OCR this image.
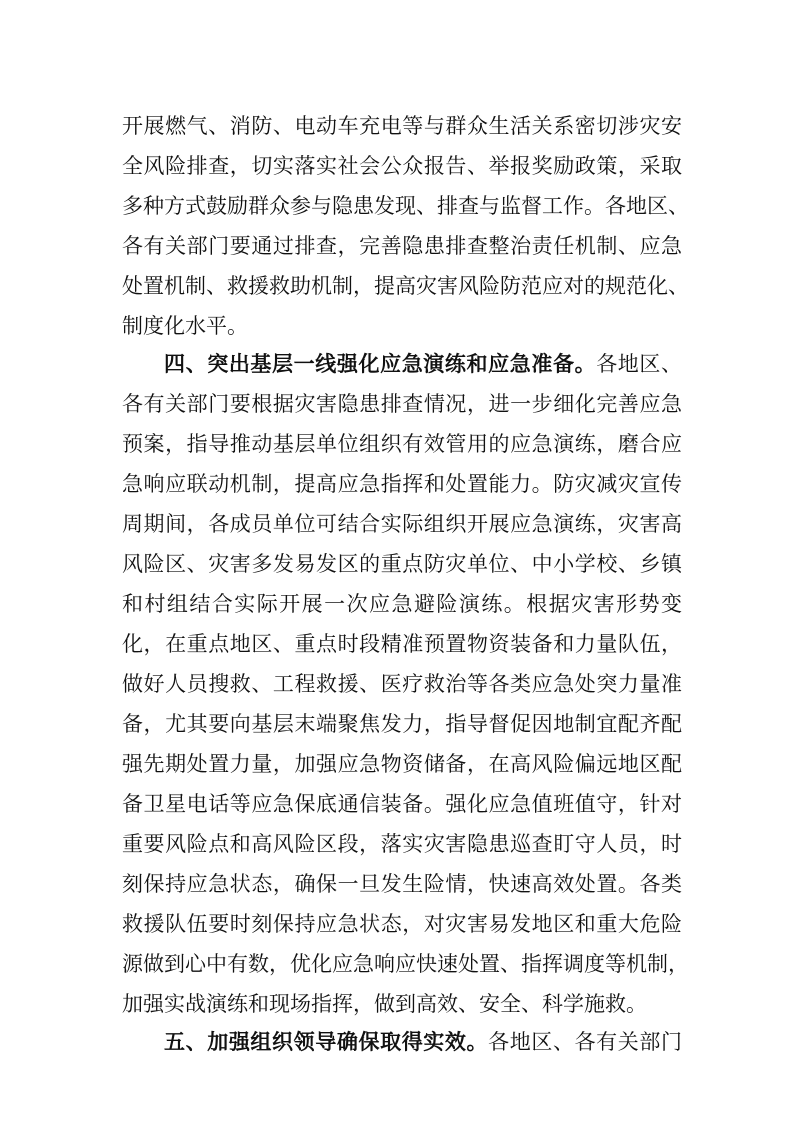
开展燃气、消防、电动车充电等与群众生活关系密切涉灾安
全风险排查，切实落实社会公众报告、举报奖励政策，采取
多种方式鼓励群众参与隐患发现、排查与监督工作。各地区、
各有关部门要通过排查，完善隐患排查整治责任机制、应急
处置机制、救援救助机制，提高灾害风险防范应对的规范化、
制度化水平。
四、突出基层一线强化应急演练和应急准备。各地区、
各有关部门要根据灾害隐患排查情况，进一步细化完善应急
预案，指导推动基层单位组织有效管用的应急演练，磨合应
急响应联动机制，提高应急指挥和处置能力。防灾减灾宣传
周期间，各成员单位可结合实际组织开展应急演练，灾害高
风险区、灾害多发易发区的重点防灾单位、中小学校、乡镇
和村组结合实际开展一次应急避险演练。根据灾害形势变
化，在重点地区、重点时段精准预置物资装备和力量队伍，
做好人员搜救、工程救援、医疗救治等各类应急处突力量准
备，尤其要向基层末端聚焦发力，指导督促因地制宜配齐配
强先期处置力量，加强应急物资储备，在高风险偏远地区配
备卫星电话等应急保底通信装备。强化应急值班值守，针对
重要风险点和高风险区段，落实灾害隐患巡查盯守人员，时
刻保持应急状态，确保一旦发生险情，快速高效处置。各类
救援队伍要时刻保持应急状态，对灾害易发地区和重大危险
源做到心中有数，优化应急响应快速处置、指挥调度等机制，
加强实战演练和现场指挥，做到高效、安全、科学施救。
五、加强组织领导确保取得实效。各地区、各有关部门
